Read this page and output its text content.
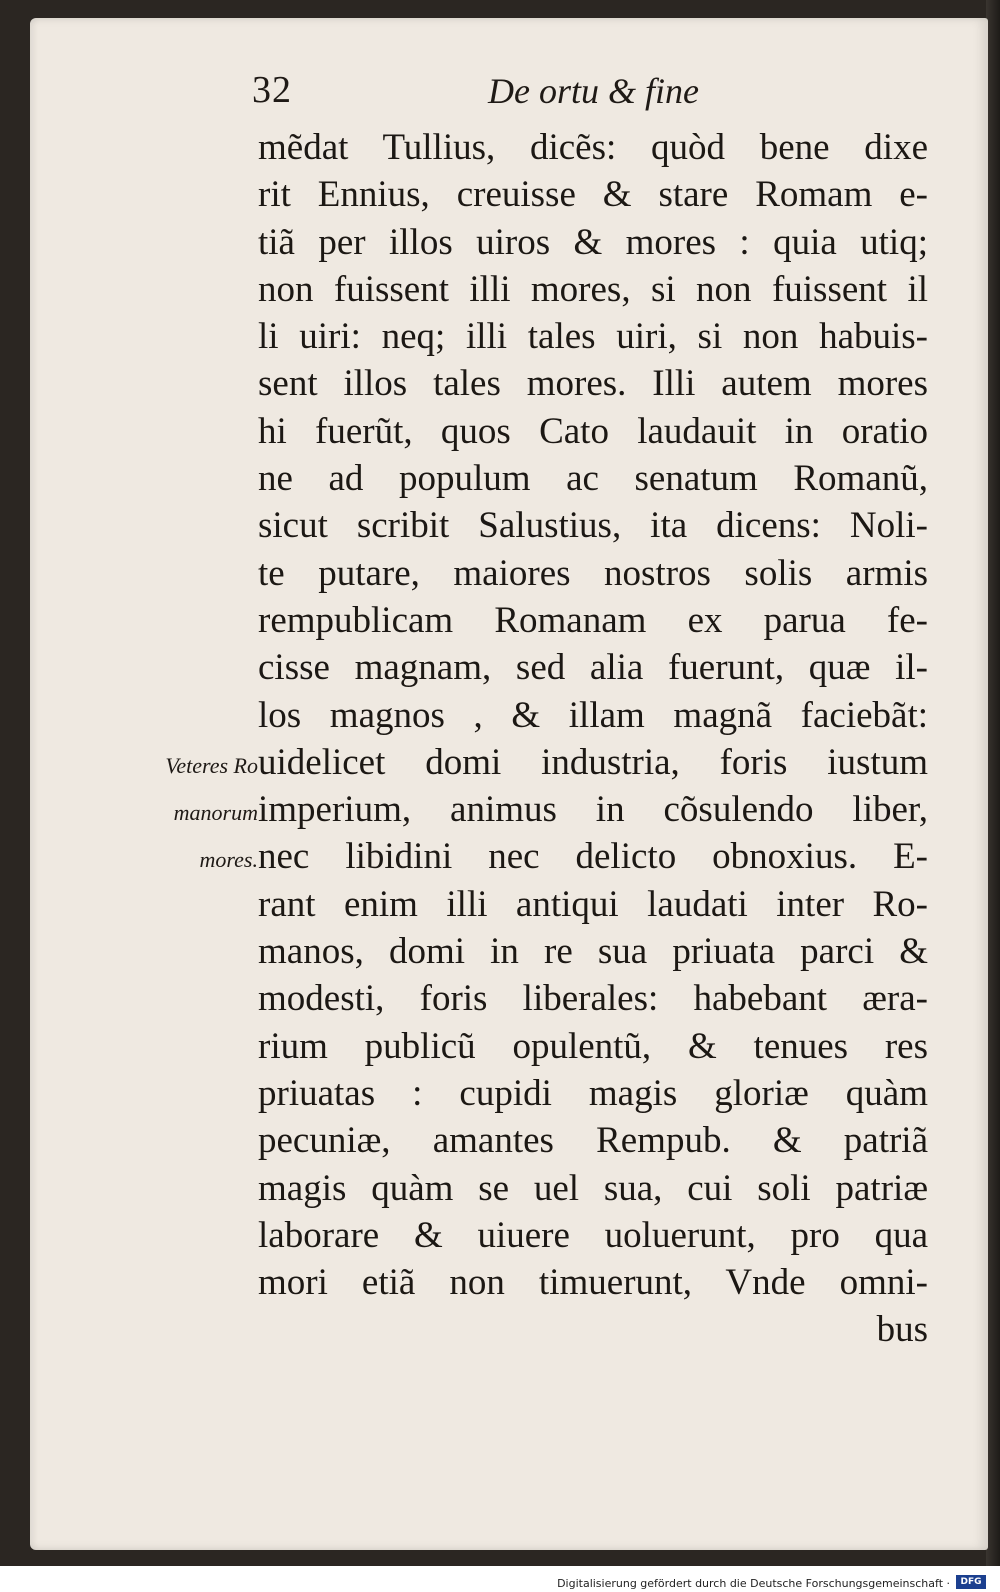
32	De ortu & fine
Veteres Ro
manorum
mores.
mẽdat Tullius, dicẽs: quòd bene dixe
rit Ennius, creuisse & stare Romam e-
tiã per illos uiros & mores : quia utiq;
non fuissent illi mores, si non fuissent il
li uiri: neq; illi tales uiri, si non habuis-
sent illos tales mores. Illi autem mores
hi fuerũt, quos Cato laudauit in oratio
ne ad populum ac senatum Romanũ,
sicut scribit Salustius, ita dicens: Noli-
te putare, maiores nostros solis armis
rempublicam Romanam ex parua fe-
cisse magnam, sed alia fuerunt, quæ il-
los magnos , & illam magnã faciebãt:
uidelicet domi industria, foris iustum
imperium, animus in cõsulendo liber,
nec libidini nec delicto obnoxius. E-
rant enim illi antiqui laudati inter Ro-
manos, domi in re sua priuata parci &
modesti, foris liberales: habebant æra-
rium publicũ opulentũ, & tenues res
priuatas : cupidi magis gloriæ quàm
pecuniæ, amantes Rempub. & patriã
magis quàm se uel sua, cui soli patriæ
laborare & uiuere uoluerunt, pro qua
mori etiã non timuerunt, Vnde omni-
bus
Digitalisierung gefördert durch die Deutsche Forschungsgemeinschaft ·	DFG
